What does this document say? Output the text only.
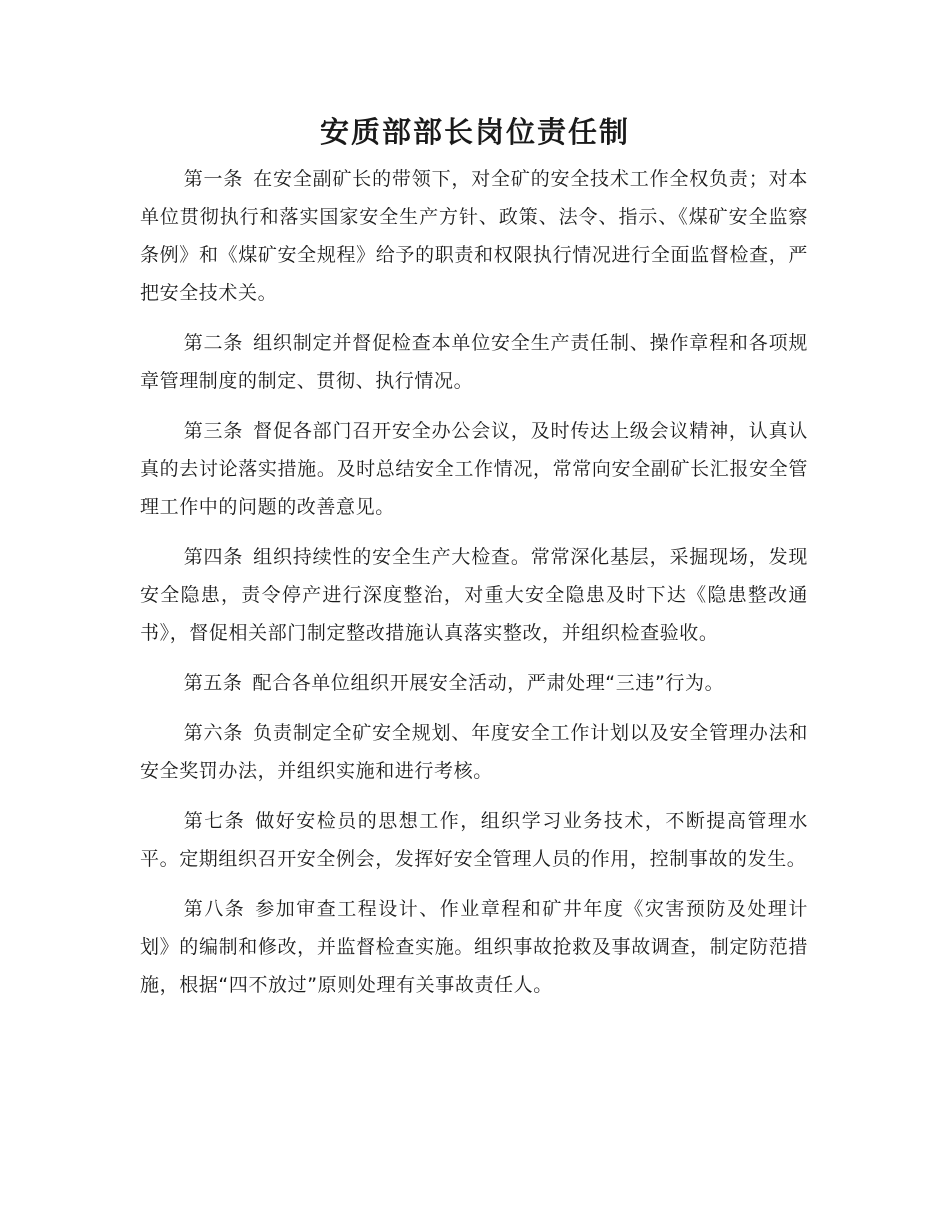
安质部部长岗位责任制

第一条 在安全副矿长的带领下，对全矿的安全技术工作全权负责；对本单位贯彻执行和落实国家安全生产方针、政策、法令、指示、《煤矿安全监察条例》和《煤矿安全规程》给予的职责和权限执行情况进行全面监督检查，严把安全技术关。

第二条 组织制定并督促检查本单位安全生产责任制、操作章程和各项规章管理制度的制定、贯彻、执行情况。

第三条 督促各部门召开安全办公会议，及时传达上级会议精神，认真认真的去讨论落实措施。及时总结安全工作情况，常常向安全副矿长汇报安全管理工作中的问题的改善意见。

第四条 组织持续性的安全生产大检查。常常深化基层，采掘现场，发现安全隐患，责令停产进行深度整治，对重大安全隐患及时下达《隐患整改通书》，督促相关部门制定整改措施认真落实整改，并组织检查验收。

第五条 配合各单位组织开展安全活动，严肃处理“三违”行为。

第六条 负责制定全矿安全规划、年度安全工作计划以及安全管理办法和安全奖罚办法，并组织实施和进行考核。

第七条 做好安检员的思想工作，组织学习业务技术，不断提高管理水平。定期组织召开安全例会，发挥好安全管理人员的作用，控制事故的发生。

第八条 参加审查工程设计、作业章程和矿井年度《灾害预防及处理计划》的编制和修改，并监督检查实施。组织事故抢救及事故调查，制定防范措施，根据“四不放过”原则处理有关事故责任人。
